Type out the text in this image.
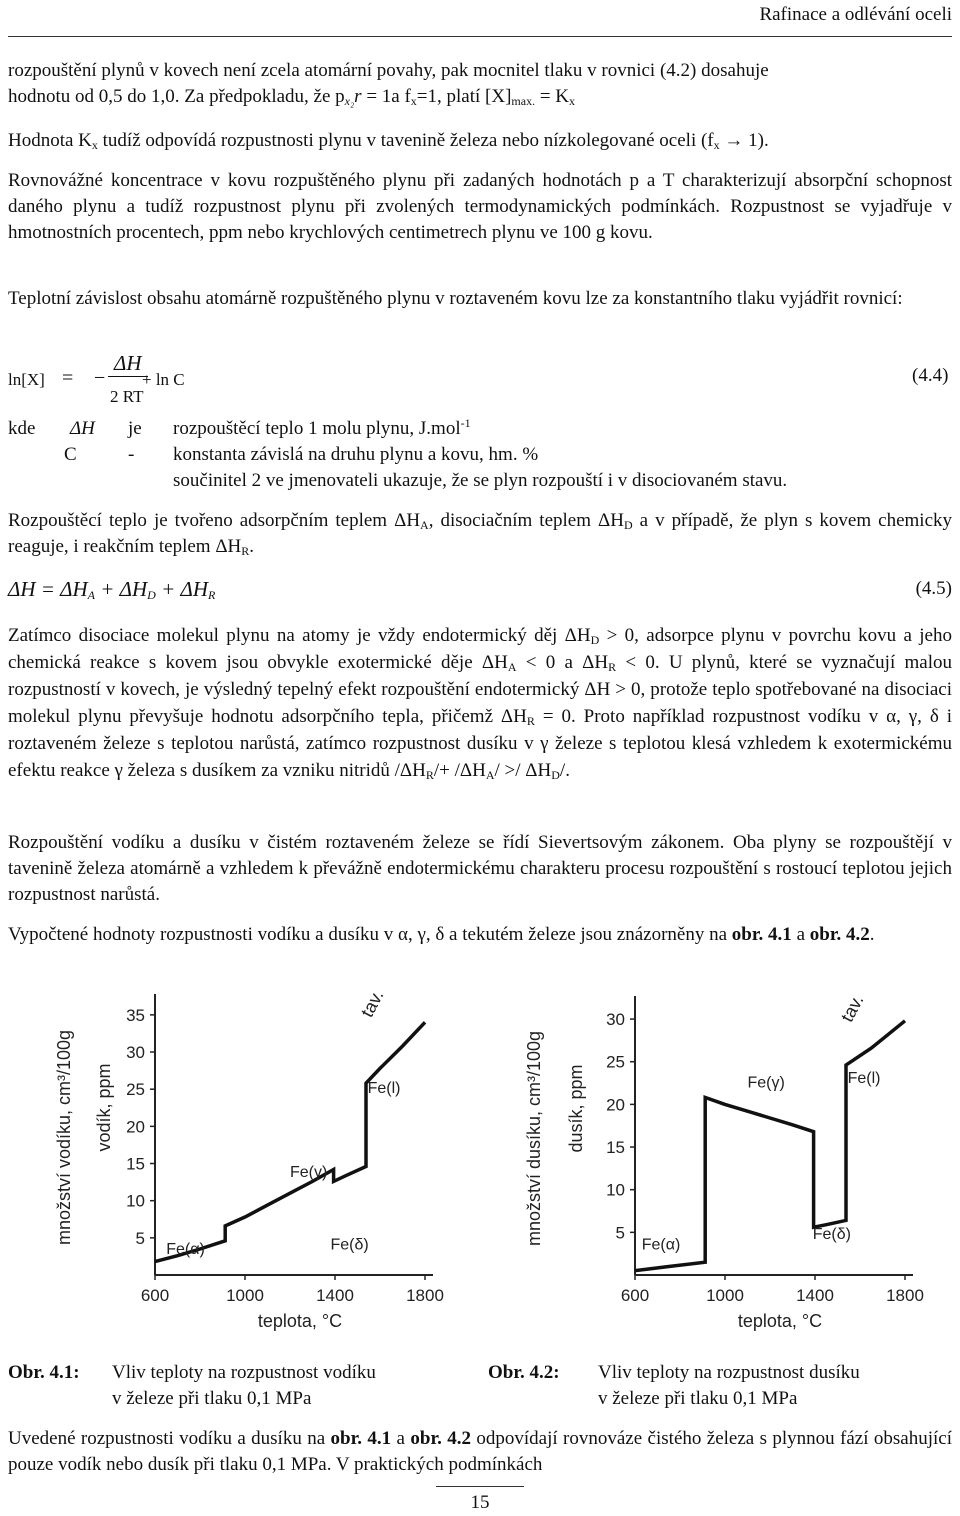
Rafinace a odlévání oceli

rozpouštění plynů v kovech není zcela atomární povahy, pak mocnitel tlaku v rovnici (4.2) dosahuje
hodnotu od 0,5 do 1,0. Za předpokladu, že $p_{x_2}r = 1a$ $f_x=1$, platí $[X]_{max.} = K_x$

Hodnota $K_x$ tudíž odpovídá rozpustnosti plynu v tavenině železa nebo nízkolegované oceli $(f_x \to 1)$.

Rovnovážné koncentrace v kovu rozpuštěného plynu při zadaných hodnotách p a T charakterizují absorpční schopnost daného plynu a tudíž rozpustnost plynu při zvolených termodynamických podmínkách. Rozpustnost se vyjadřuje v hmotnostních procentech, ppm nebo krychlových centimetrech plynu ve 100 g kovu.

Teplotní závislost obsahu atomárně rozpuštěného plynu v roztaveném kovu lze za konstantního tlaku vyjádřit rovnicí:

ln[X] = −
ΔH
2 RT
+ ln C	(4.4)
kde ΔH je rozpouštěcí teplo 1 molu plynu, J.mol$^{-1}$
C	- konstanta závislá na druhu plynu a kovu, hm. %
součinitel 2 ve jmenovateli ukazuje, že se plyn rozpouští i v disociovaném stavu.

Rozpouštěcí teplo je tvořeno adsorpčním teplem $\Delta H_A$, disociačním teplem $\Delta H_D$ a v případě, že plyn s kovem chemicky reaguje, i reakčním teplem $\Delta H_R$.

$\Delta H = \Delta H_A + \Delta H_D + \Delta H_R$	(4.5)

Zatímco disociace molekul plynu na atomy je vždy endotermický děj $\Delta H_D > 0$, adsorpce plynu v povrchu kovu a jeho chemická reakce s kovem jsou obvykle exotermické děje $\Delta H_A < 0$ a $\Delta H_R < 0$. U plynů, které se vyznačují malou rozpustností v kovech, je výsledný tepelný efekt rozpouštění endotermický ΔH > 0, protože teplo spotřebované na disociaci molekul plynu převyšuje hodnotu adsorpčního tepla, přičemž $\Delta H_R = 0$. Proto například rozpustnost vodíku v α, γ, δ i roztaveném železe s teplotou narůstá, zatímco rozpustnost dusíku v γ železe s teplotou klesá vzhledem k exotermickému efektu reakce γ železa s dusíkem za vzniku nitridů $/\Delta H_R/+ /\Delta H_A/ >/ \Delta H_D/$.

Rozpouštění vodíku a dusíku v čistém roztaveném železe se řídí Sievertsovým zákonem. Oba plyny se rozpouštějí v tavenině železa atomárně a vzhledem k převážně endotermickému charakteru procesu rozpouštění s rostoucí teplotou jejich rozpustnost narůstá.

Vypočtené hodnoty rozpustnosti vodíku a dusíku v α, γ, δ a tekutém železe jsou znázorněny na obr. 4.1 a obr. 4.2.

5
10
15
20
25
30
35
600	1000	1400	1800
teplota, °C
množství vodíku, cm³/100g vodík, ppm
tav.
Fe(l)
Fe(γ)
Fe(α)	Fe(δ)
5
10
15
20
25
30
600	1000	1400	1800
teplota, °C
množství dusíku, cm³/100g dusík, ppm
tav.
Fe(l)
Fe(γ)
Fe(α)
Fe(δ)
Obr. 4.1: Vliv teploty na rozpustnost vodíku
v železe při tlaku 0,1 MPa
Obr. 4.2: Vliv teploty na rozpustnost dusíku
v železe při tlaku 0,1 MPa

Uvedené rozpustnosti vodíku a dusíku na obr. 4.1 a obr. 4.2 odpovídají rovnováze čistého železa s plynnou fází obsahující pouze vodík nebo dusík při tlaku 0,1 MPa. V praktických podmínkách

15
